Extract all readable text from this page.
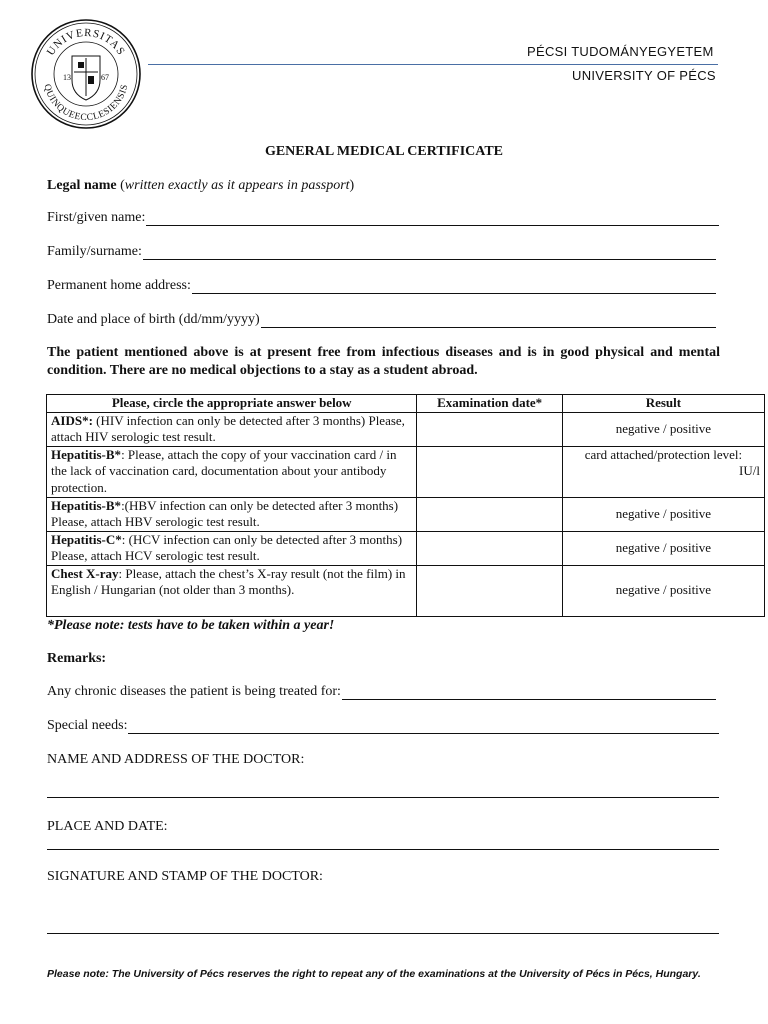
UNIVERSITAS
QUINQUEECCLESIENSIS
13	67
PÉCSI TUDOMÁNYEGYETEM
UNIVERSITY OF PÉCS
GENERAL MEDICAL CERTIFICATE
Legal name (written exactly as it appears in passport)
First/given name:
Family/surname:
Permanent home address:
Date and place of birth (dd/mm/yyyy)
The patient mentioned above is at present free from infectious diseases and is in good physical and mental condition. There are no medical objections to a stay as a student abroad.
Please, circle the appropriate answer below	Examination date*	Result
AIDS*: (HIV infection can only be detected after 3 months) Please, attach HIV serologic test result.		negative / positive
Hepatitis-B*: Please, attach the copy of your vaccination card / in the lack of vaccination card, documentation about your antibody protection.		card attached/protection level:
IU/l

Hepatitis-B*:(HBV infection can only be detected after 3 months) Please, attach HBV serologic test result.		negative / positive
Hepatitis-C*: (HCV infection can only be detected after 3 months) Please, attach HCV serologic test result.		negative / positive
Chest X-ray: Please, attach the chest’s X-ray result (not the film) in English / Hungarian (not older than 3 months).		negative / positive
*Please note: tests have to be taken within a year!
Remarks:
Any chronic diseases the patient is being treated for:
Special needs:
NAME AND ADDRESS OF THE DOCTOR:
PLACE AND DATE:
SIGNATURE AND STAMP OF THE DOCTOR:
Please note: The University of Pécs reserves the right to repeat any of the examinations at the University of Pécs in Pécs, Hungary.
